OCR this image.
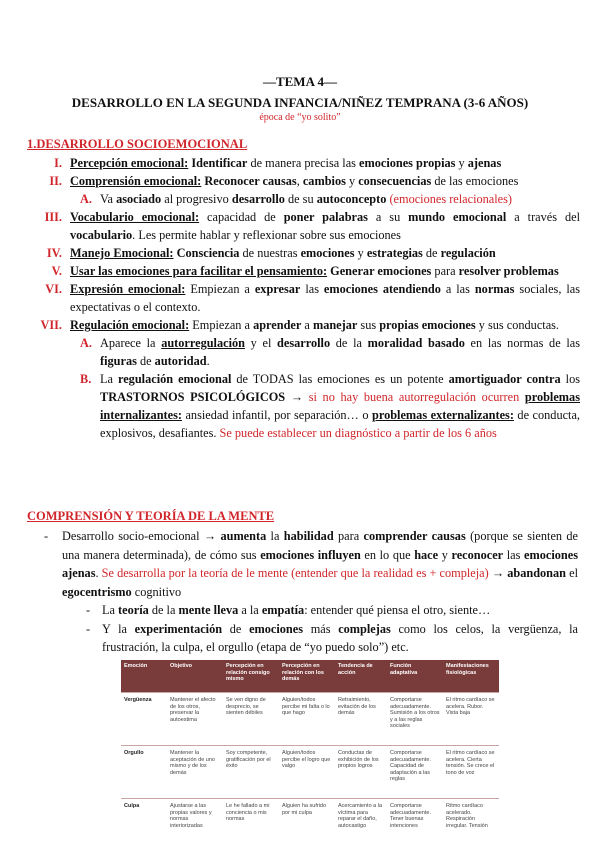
—TEMA 4—
DESARROLLO EN LA SEGUNDA INFANCIA/NIÑEZ TEMPRANA (3-6 AÑOS)
época de “yo solito”
1.DESARROLLO SOCIOEMOCIONAL
I. Percepción emocional: Identificar de manera precisa las emociones propias y ajenas
II. Comprensión emocional: Reconocer causas, cambios y consecuencias de las emociones
A. Va asociado al progresivo desarrollo de su autoconcepto (emociones relacionales)
III. Vocabulario emocional: capacidad de poner palabras a su mundo emocional a través del vocabulario. Les permite hablar y reflexionar sobre sus emociones
IV. Manejo Emocional: Consciencia de nuestras emociones y estrategias de regulación
V. Usar las emociones para facilitar el pensamiento: Generar emociones para resolver problemas
VI. Expresión emocional: Empiezan a expresar las emociones atendiendo a las normas sociales, las expectativas o el contexto.
VII. Regulación emocional: Empiezan a aprender a manejar sus propias emociones y sus conductas.
A. Aparece la autorregulación y el desarrollo de la moralidad basado en las normas de las figuras de autoridad.
B. La regulación emocional de TODAS las emociones es un potente amortiguador contra los TRASTORNOS PSICOLÓGICOS → si no hay buena autorregulación ocurren problemas internalizantes: ansiedad infantil, por separación… o problemas externalizantes: de conducta, explosivos, desafiantes. Se puede establecer un diagnóstico a partir de los 6 años
COMPRENSIÓN Y TEORÍA DE LA MENTE
-	Desarrollo socio-emocional → aumenta la habilidad para comprender causas (porque se sienten de una manera determinada), de cómo sus emociones influyen en lo que hace y reconocer las emociones ajenas. Se desarrolla por la teoría de le mente (entender que la realidad es + compleja) → abandonan el egocentrismo cognitivo
- La teoría de la mente lleva a la empatía: entender qué piensa el otro, siente…
- Y la experimentación de emociones más complejas como los celos, la vergüenza, la frustración, la culpa, el orgullo (etapa de “yo puedo solo”) etc.
Emoción	Objetivo	Percepción en relación consigo mismo	Percepción en relación con los demás	Tendencia de acción	Función adaptativa	Manifestaciones fisiológicas
Vergüenza	Mantener el afecto de los otros, preservar la autoestima	Se ven digno de desprecio, se sienten débiles	Alguien/todos percibe mi falta o lo que hago	Retraimiento, evitación de los demás	Comportarse adecuadamente. Sumisión a los otros y a las reglas sociales	El ritmo cardíaco se acelera. Rubor. Vista baja
Orgullo	Mantener la aceptación de uno mismo y de los demás	Soy competente, gratificación por el éxito	Alguien/todos percibe el logro que valgo	Conductas de exhibición de los propios logros	Comportarse adecuadamente. Capacidad de adaptación a las reglas	El ritmo cardíaco se acelera. Cierta tensión. Se crece el tono de voz
Culpa	Ajustarse a las propias valores y normas interiorizadas	Le he fallado a mi conciencia o mis normas	Alguien ha sufrido por mi culpa	Acercamiento a la víctima para reparar el daño, autocastigo	Comportarse adecuadamente. Tener buenas intenciones	Ritmo cardíaco acelerado. Respiración irregular. Tensión
